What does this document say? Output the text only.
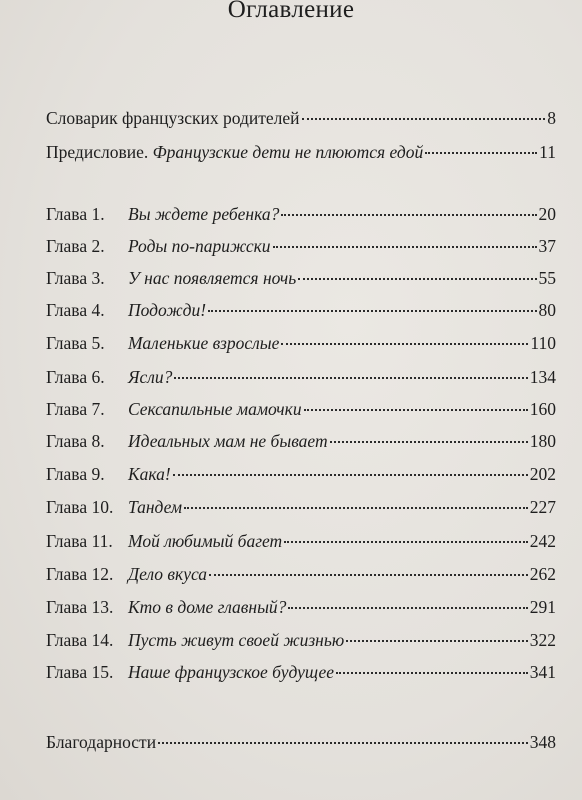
Оглавление
Словарик французских родителей	8
Предисловие. Французские дети не плюются едой	11
Глава 1. Вы ждете ребенка?	20
Глава 2. Роды по-парижски	37
Глава 3. У нас появляется ночь	55
Глава 4. Подожди!	80
Глава 5. Маленькие взрослые	110
Глава 6. Ясли?	134
Глава 7. Сексапильные мамочки	160
Глава 8. Идеальных мам не бывает	180
Глава 9. Кака!	202
Глава 10. Тандем	227
Глава 11. Мой любимый багет	242
Глава 12. Дело вкуса	262
Глава 13. Кто в доме главный?	291
Глава 14. Пусть живут своей жизнью	322
Глава 15. Наше французское будущее	341
Благодарности	348
